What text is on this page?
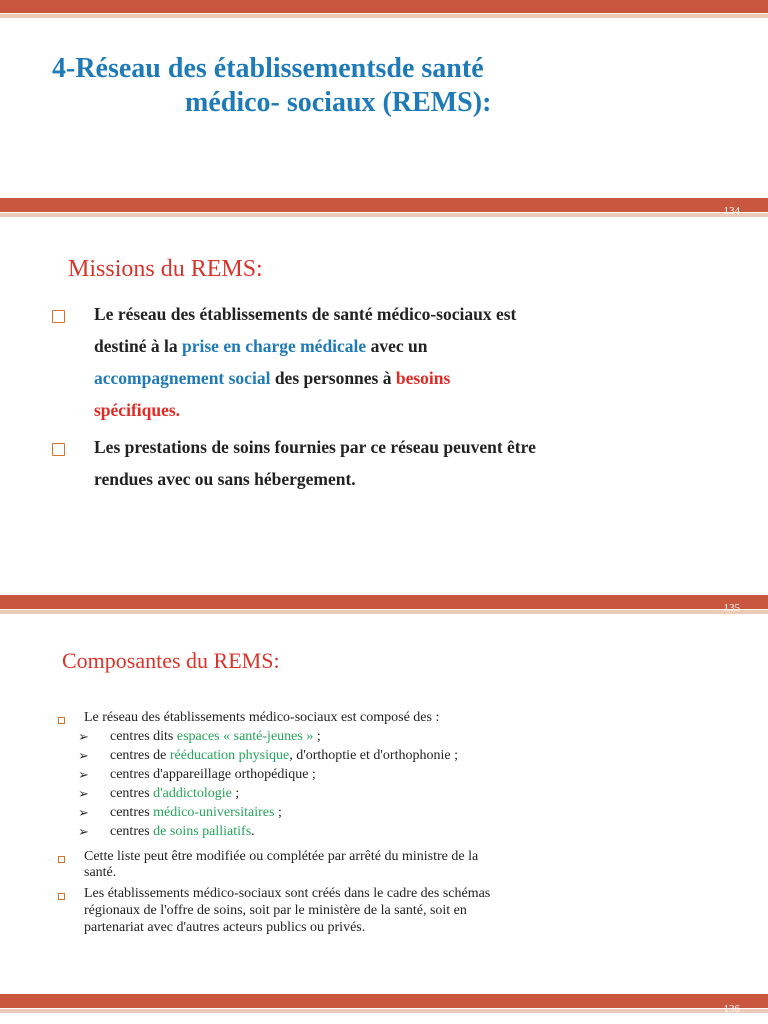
4-Réseau des établissementsde santé
médico- sociaux (REMS):
134
Missions du REMS:
Le réseau des établissements de santé médico-sociaux est
destiné à la prise en charge médicale avec un
accompagnement social des personnes à besoins
spécifiques.
Les prestations de soins fournies par ce réseau peuvent être
rendues avec ou sans hébergement.
135
Composantes du REMS:
Le réseau des établissements médico-sociaux est composé des :
➢ centres dits espaces « santé-jeunes » ;
➢ centres de rééducation physique, d'orthoptie et d'orthophonie ;
➢ centres d'appareillage orthopédique ;
➢ centres d'addictologie ;
➢ centres médico-universitaires ;
➢ centres de soins palliatifs.
Cette liste peut être modifiée ou complétée par arrêté du ministre de la
santé.
Les établissements médico-sociaux sont créés dans le cadre des schémas
régionaux de l'offre de soins, soit par le ministère de la santé, soit en
partenariat avec d'autres acteurs publics ou privés.
136
